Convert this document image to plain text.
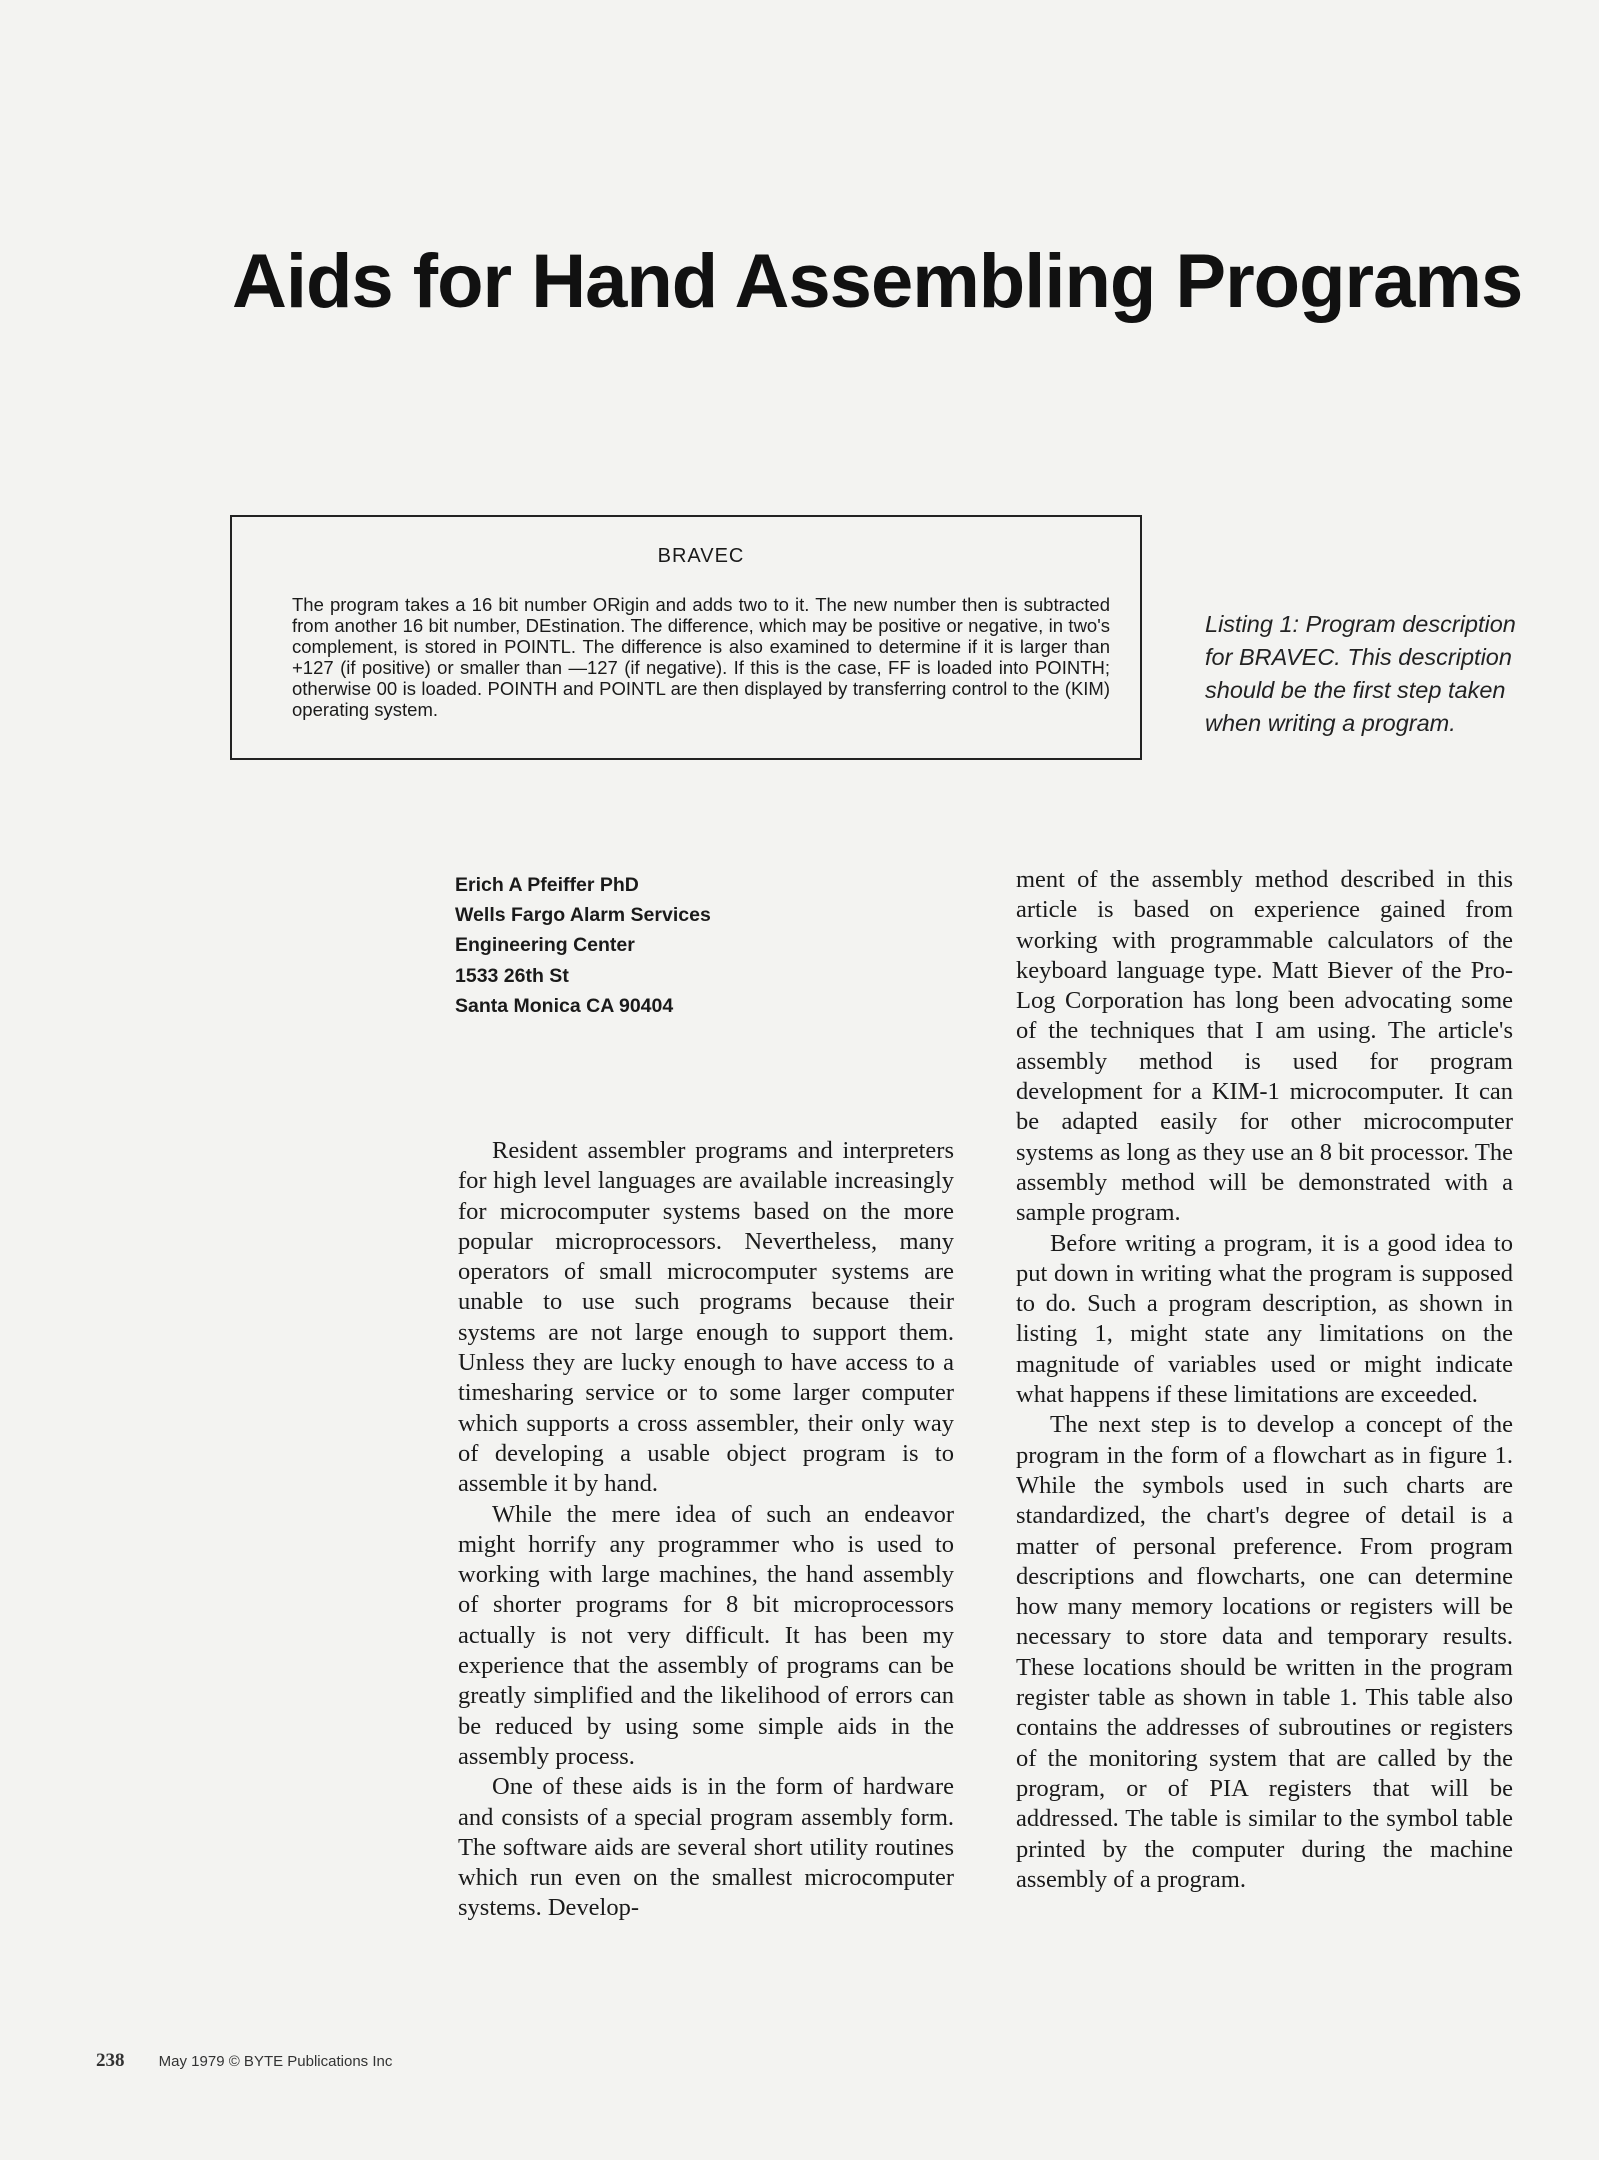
Aids for Hand Assembling Programs
BRAVEC

The program takes a 16 bit number ORigin and adds two to it. The new number then is subtracted from another 16 bit number, DEstination. The difference, which may be positive or negative, in two's complement, is stored in POINTL. The difference is also examined to determine if it is larger than +127 (if positive) or smaller than —127 (if negative). If this is the case, FF is loaded into POINTH; otherwise 00 is loaded. POINTH and POINTL are then displayed by transferring control to the (KIM) operating system.

Listing 1: Program description for BRAVEC. This description should be the first step taken when writing a program.

Erich A Pfeiffer PhD
Wells Fargo Alarm Services
Engineering Center
1533 26th St
Santa Monica CA 90404

Resident assembler programs and interpreters for high level languages are available increasingly for microcomputer systems based on the more popular microprocessors. Nevertheless, many operators of small microcomputer systems are unable to use such programs because their systems are not large enough to support them. Unless they are lucky enough to have access to a timesharing service or to some larger computer which supports a cross assembler, their only way of developing a usable object program is to assemble it by hand.

While the mere idea of such an endeavor might horrify any programmer who is used to working with large machines, the hand assembly of shorter programs for 8 bit microprocessors actually is not very difficult. It has been my experience that the assembly of programs can be greatly simplified and the likelihood of errors can be reduced by using some simple aids in the assembly process.

One of these aids is in the form of hardware and consists of a special program assembly form. The software aids are several short utility routines which run even on the smallest microcomputer systems. Develop-

ment of the assembly method described in this article is based on experience gained from working with programmable calculators of the keyboard language type. Matt Biever of the Pro-Log Corporation has long been advocating some of the techniques that I am using. The article's assembly method is used for program development for a KIM-1 microcomputer. It can be adapted easily for other microcomputer systems as long as they use an 8 bit processor. The assembly method will be demonstrated with a sample program.

Before writing a program, it is a good idea to put down in writing what the program is supposed to do. Such a program description, as shown in listing 1, might state any limitations on the magnitude of variables used or might indicate what happens if these limitations are exceeded.

The next step is to develop a concept of the program in the form of a flowchart as in figure 1. While the symbols used in such charts are standardized, the chart's degree of detail is a matter of personal preference. From program descriptions and flowcharts, one can determine how many memory locations or registers will be necessary to store data and temporary results. These locations should be written in the program register table as shown in table 1. This table also contains the addresses of subroutines or registers of the monitoring system that are called by the program, or of PIA registers that will be addressed. The table is similar to the symbol table printed by the computer during the machine assembly of a program.

238 May 1979 © BYTE Publications Inc
